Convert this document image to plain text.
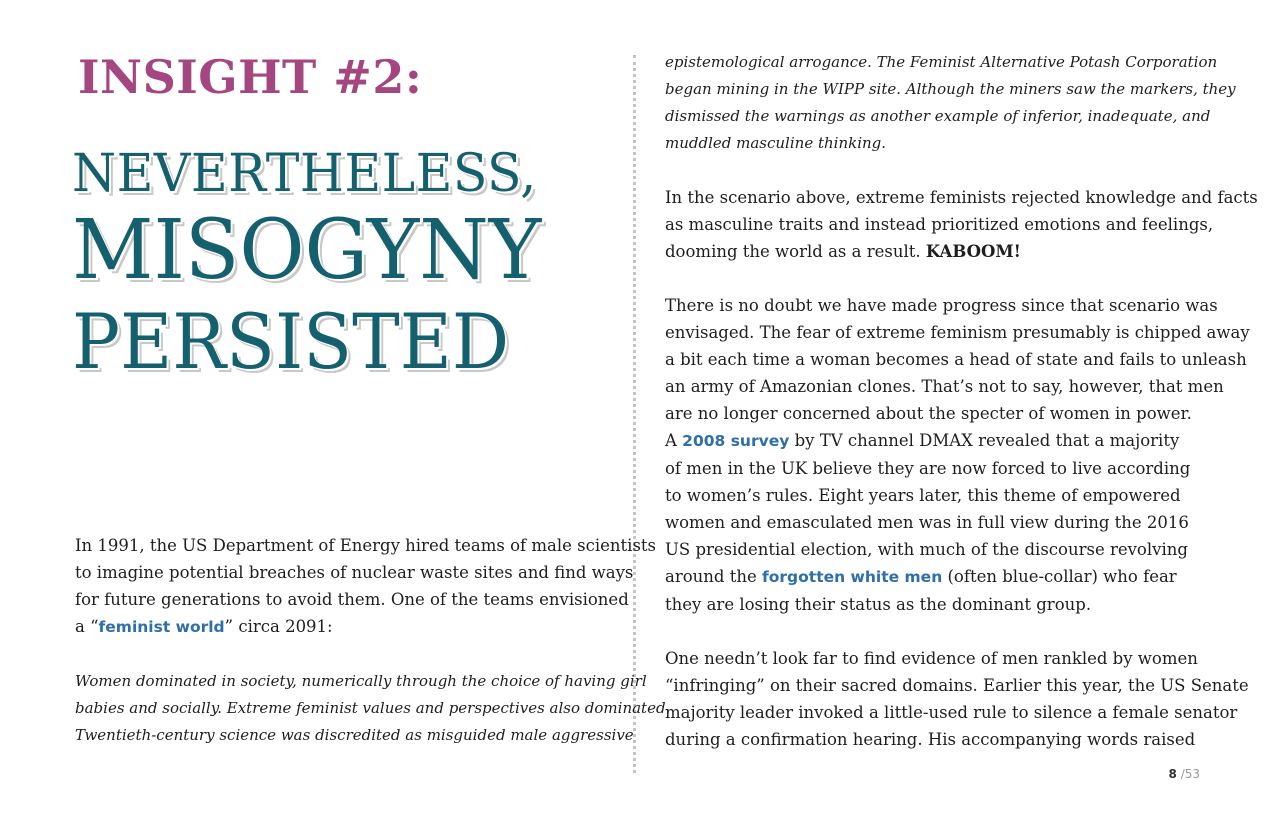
INSIGHT #2:
NEVERTHELESS,
MISOGYNY
PERSISTED

In 1991, the US Department of Energy hired teams of male scientists
to imagine potential breaches of nuclear waste sites and find ways
for future generations to avoid them. One of the teams envisioned
a “feminist world” circa 2091:

Women dominated in society, numerically through the choice of having girl
babies and socially. Extreme feminist values and perspectives also dominated.
Twentieth-century science was discredited as misguided male aggressive

epistemological arrogance. The Feminist Alternative Potash Corporation
began mining in the WIPP site. Although the miners saw the markers, they
dismissed the warnings as another example of inferior, inadequate, and
muddled masculine thinking.

In the scenario above, extreme feminists rejected knowledge and facts
as masculine traits and instead prioritized emotions and feelings,
dooming the world as a result. KABOOM!

There is no doubt we have made progress since that scenario was
envisaged. The fear of extreme feminism presumably is chipped away
a bit each time a woman becomes a head of state and fails to unleash
an army of Amazonian clones. That’s not to say, however, that men
are no longer concerned about the specter of women in power.
A 2008 survey by TV channel DMAX revealed that a majority
of men in the UK believe they are now forced to live according
to women’s rules. Eight years later, this theme of empowered
women and emasculated men was in full view during the 2016
US presidential election, with much of the discourse revolving
around the forgotten white men (often blue-collar) who fear
they are losing their status as the dominant group.

One needn’t look far to find evidence of men rankled by women
“infringing” on their sacred domains. Earlier this year, the US Senate
majority leader invoked a little-used rule to silence a female senator
during a confirmation hearing. His accompanying words raised

8 /53
